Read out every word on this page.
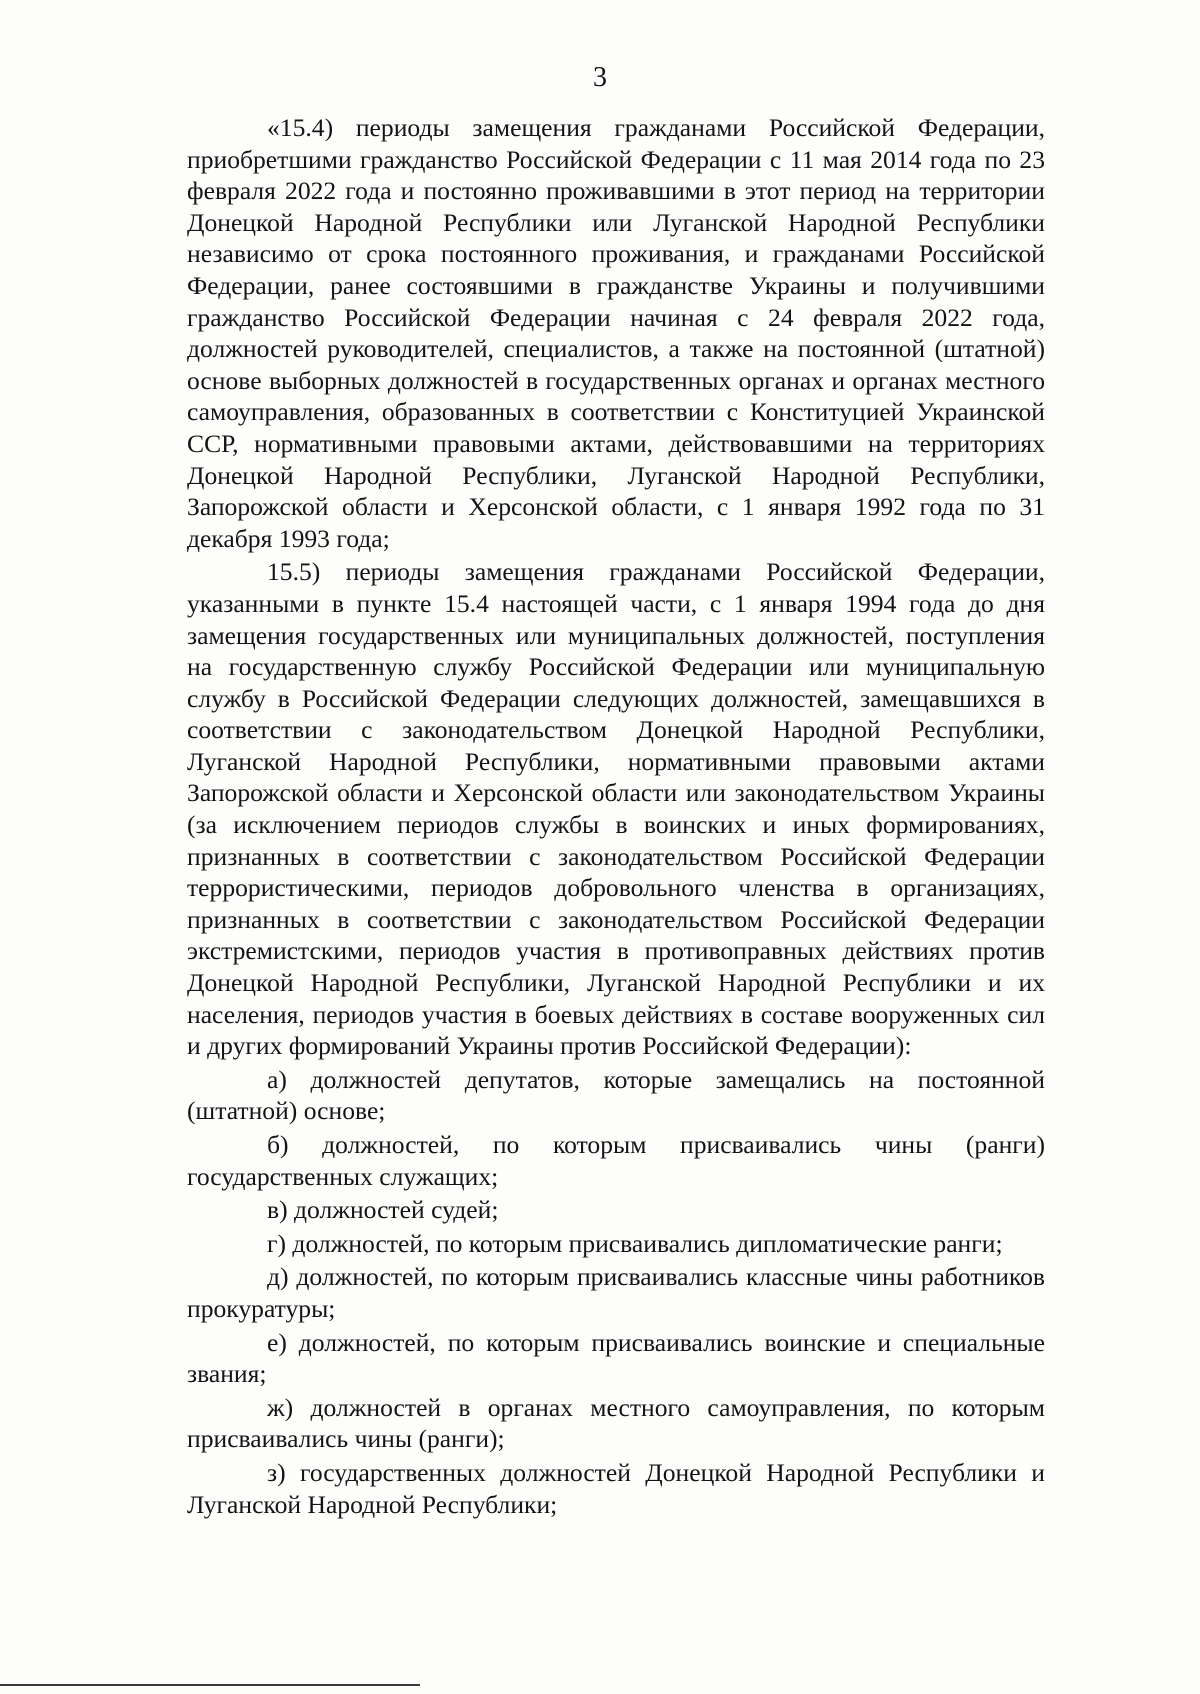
3

«15.4) периоды замещения гражданами Российской Федерации, приобретшими гражданство Российской Федерации с 11 мая 2014 года по 23 февраля 2022 года и постоянно проживавшими в этот период на территории Донецкой Народной Республики или Луганской Народной Республики независимо от срока постоянного проживания, и гражданами Российской Федерации, ранее состоявшими в гражданстве Украины и получившими гражданство Российской Федерации начиная с 24 февраля 2022 года, должностей руководителей, специалистов, а также на постоянной (штатной) основе выборных должностей в государственных органах и органах местного самоуправления, образованных в соответствии с Конституцией Украинской ССР, нормативными правовыми актами, действовавшими на территориях Донецкой Народной Республики, Луганской Народной Республики, Запорожской области и Херсонской области, с 1 января 1992 года по 31 декабря 1993 года;

15.5) периоды замещения гражданами Российской Федерации, указанными в пункте 15.4 настоящей части, с 1 января 1994 года до дня замещения государственных или муниципальных должностей, поступления на государственную службу Российской Федерации или муниципальную службу в Российской Федерации следующих должностей, замещавшихся в соответствии с законодательством Донецкой Народной Республики, Луганской Народной Республики, нормативными правовыми актами Запорожской области и Херсонской области или законодательством Украины (за исключением периодов службы в воинских и иных формированиях, признанных в соответствии с законодательством Российской Федерации террористическими, периодов добровольного членства в организациях, признанных в соответствии с законодательством Российской Федерации экстремистскими, периодов участия в противоправных действиях против Донецкой Народной Республики, Луганской Народной Республики и их населения, периодов участия в боевых действиях в составе вооруженных сил и других формирований Украины против Российской Федерации):

а) должностей депутатов, которые замещались на постоянной (штатной) основе;

б) должностей, по которым присваивались чины (ранги) государственных служащих;

в) должностей судей;

г) должностей, по которым присваивались дипломатические ранги;

д) должностей, по которым присваивались классные чины работников прокуратуры;

е) должностей, по которым присваивались воинские и специальные звания;

ж) должностей в органах местного самоуправления, по которым присваивались чины (ранги);

з) государственных должностей Донецкой Народной Республики и Луганской Народной Республики;
